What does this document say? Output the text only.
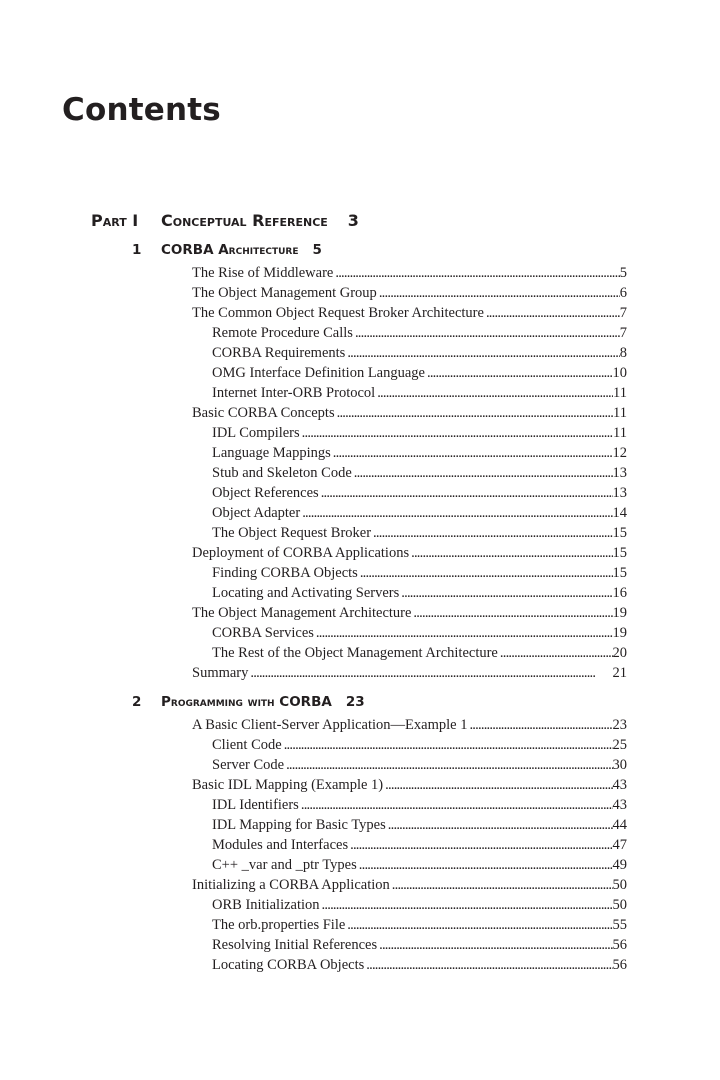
Contents
Part I Conceptual Reference 3
1 CORBA Architecture 5
The Rise of Middleware . . .	5
The Object Management Group . . .	6
The Common Object Request Broker Architecture . . .	7
Remote Procedure Calls . . .	7
CORBA Requirements . . .	8
OMG Interface Definition Language . . .	10
Internet Inter-ORB Protocol . . .	11
Basic CORBA Concepts . . .	11
IDL Compilers . . .	11
Language Mappings . . .	12
Stub and Skeleton Code . . .	13
Object References . . .	13
Object Adapter . . .	14
The Object Request Broker . . .	15
Deployment of CORBA Applications . . .	15
Finding CORBA Objects . . .	15
Locating and Activating Servers . . .	16
The Object Management Architecture . . .	19
CORBA Services . . .	19
The Rest of the Object Management Architecture . . .	20
Summary . . .	21
2 Programming with CORBA 23
A Basic Client-Server Application—Example 1 . . .	23
Client Code . . .	25
Server Code . . .	30
Basic IDL Mapping (Example 1) . . .	43
IDL Identifiers . . .	43
IDL Mapping for Basic Types . . .	44
Modules and Interfaces . . .	47
C++ _var and _ptr Types . . .	49
Initializing a CORBA Application . . .	50
ORB Initialization . . .	50
The orb.properties File . . .	55
Resolving Initial References . . .	56
Locating CORBA Objects . . .	56
